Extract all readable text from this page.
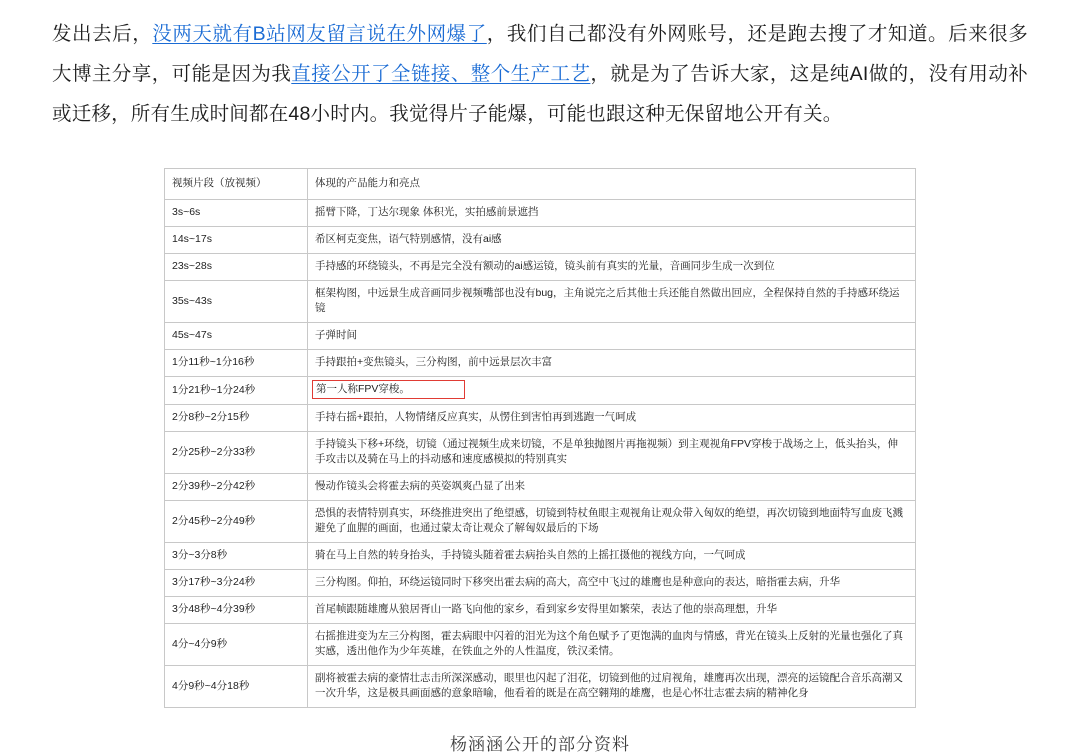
发出去后，没两天就有B站网友留言说在外网爆了，我们自己都没有外网账号，还是跑去搜了才知道。后来很多大博主分享，可能是因为我直接公开了全链接、整个生产工艺，就是为了告诉大家，这是纯AI做的，没有用动补或迁移，所有生成时间都在48小时内。我觉得片子能爆，可能也跟这种无保留地公开有关。

视频片段（放视频）	体现的产品能力和亮点
3s~6s	摇臂下降，丁达尔现象 体积光，实拍感前景遮挡
14s~17s	希区柯克变焦，语气特别感情，没有ai感
23s~28s	手持感的环绕镜头，不再是完全没有额动的ai感运镜，镜头前有真实的光量，音画同步生成一次到位
35s~43s	框架构图，中远景生成音画同步视频嘴部也没有bug，主角说完之后其他士兵还能自然做出回应，全程保持自然的手持感环绕运镜
45s~47s	子弹时间
1分11秒~1分16秒	手持跟拍+变焦镜头，三分构图，前中远景层次丰富
1分21秒~1分24秒	第一人称FPV穿梭。
2分8秒~2分15秒	手持右摇+跟拍，人物情绪反应真实，从愣住到害怕再到逃跑一气呵成
2分25秒~2分33秒	手持镜头下移+环绕，切镜（通过视频生成来切镜，不是单独抛图片再拖视频）到主观视角FPV穿梭于战场之上，低头抬头，伸手攻击以及骑在马上的抖动感和速度感模拟的特别真实
2分39秒~2分42秒	慢动作镜头会将霍去病的英姿飒爽凸显了出来
2分45秒~2分49秒	恐惧的表情特别真实，环绕推进突出了绝望感，切镜到特杖鱼眼主观视角让观众带入匈奴的绝望，再次切镜到地面特写血废飞溅避免了血腥的画面，也通过蒙太奇让观众了解匈奴最后的下场
3分~3分8秒	骑在马上自然的转身抬头，手持镜头随着霍去病抬头自然的上摇扛摄他的视线方向，一气呵成
3分17秒~3分24秒	三分构图。仰拍，环绕运镜同时下移突出霍去病的高大，高空中飞过的雄鹰也是种意向的表达，暗指霍去病，升华
3分48秒~4分39秒	首尾帧跟随雄鹰从狼居胥山一路飞向他的家乡，看到家乡安得里如繁荣，表达了他的崇高理想，升华
4分~4分9秒	右摇推进变为左三分构图，霍去病眼中闪着的泪光为这个角色赋予了更饱满的血肉与情感，背光在镜头上反射的光量也强化了真实感，透出他作为少年英雄，在铁血之外的人性温度，铁汉柔情。
4分9秒~4分18秒	副将被霍去病的豪情壮志击所深深感动，眼里也闪起了泪花，切镜到他的过肩视角，雄鹰再次出现，漂亮的运镜配合音乐高潮又一次升华，这是极具画面感的意象暗喻，他看着的既是在高空翱翔的雄鹰，也是心怀壮志霍去病的精神化身
杨涵涵公开的部分资料
